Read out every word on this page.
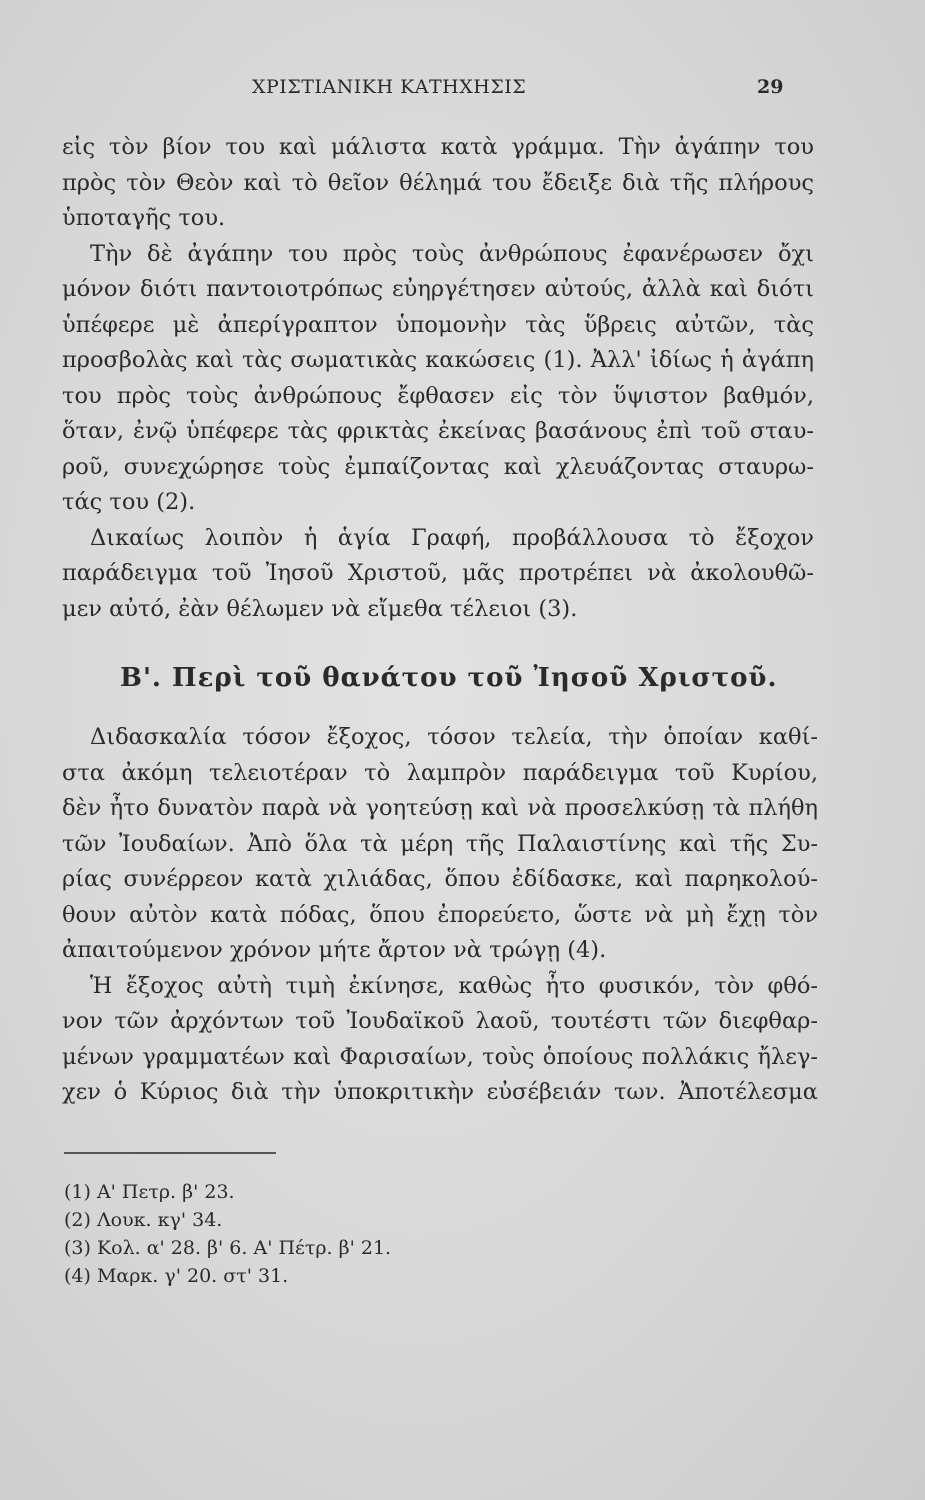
ΧΡΙΣΤΙΑΝΙΚΗ ΚΑΤΗΧΗΣΙΣ	29
εἰς τὸν βίον του καὶ μάλιστα κατὰ γράμμα. Τὴν ἀγάπην του
πρὸς τὸν Θεὸν καὶ τὸ θεῖον θέλημά του ἔδειξε διὰ τῆς πλήρους
ὑποταγῆς του.
Τὴν δὲ ἀγάπην του πρὸς τοὺς ἀνθρώπους ἐφανέρωσεν ὄχι
μόνον διότι παντοιοτρόπως εὐηργέτησεν αὐτούς, ἀλλὰ καὶ διότι
ὑπέφερε μὲ ἀπερίγραπτον ὑπομονὴν τὰς ὕβρεις αὐτῶν, τὰς
προσβολὰς καὶ τὰς σωματικὰς κακώσεις (1). Ἀλλ' ἰδίως ἡ ἀγάπη
του πρὸς τοὺς ἀνθρώπους ἔφθασεν εἰς τὸν ὕψιστον βαθμόν,
ὅταν, ἐνῷ ὑπέφερε τὰς φρικτὰς ἐκείνας βασάνους ἐπὶ τοῦ σταυ-
ροῦ, συνεχώρησε τοὺς ἐμπαίζοντας καὶ χλευάζοντας σταυρω-
τάς του (2).
Δικαίως λοιπὸν ἡ ἁγία Γραφή, προβάλλουσα τὸ ἔξοχον
παράδειγμα τοῦ Ἰησοῦ Χριστοῦ, μᾶς προτρέπει νὰ ἀκολουθῶ-
μεν αὐτό, ἐὰν θέλωμεν νὰ εἴμεθα τέλειοι (3).
Β'. Περὶ τοῦ θανάτου τοῦ Ἰησοῦ Χριστοῦ.
Διδασκαλία τόσον ἔξοχος, τόσον τελεία, τὴν ὁποίαν καθί-
στα ἀκόμη τελειοτέραν τὸ λαμπρὸν παράδειγμα τοῦ Κυρίου,
δὲν ἦτο δυνατὸν παρὰ νὰ γοητεύσῃ καὶ νὰ προσελκύσῃ τὰ πλήθη
τῶν Ἰουδαίων. Ἀπὸ ὅλα τὰ μέρη τῆς Παλαιστίνης καὶ τῆς Συ-
ρίας συνέρρεον κατὰ χιλιάδας, ὅπου ἐδίδασκε, καὶ παρηκολού-
θουν αὐτὸν κατὰ πόδας, ὅπου ἐπορεύετο, ὥστε νὰ μὴ ἔχῃ τὸν
ἀπαιτούμενον χρόνον μήτε ἄρτον νὰ τρώγῃ (4).
Ἡ ἔξοχος αὐτὴ τιμὴ ἐκίνησε, καθὼς ἦτο φυσικόν, τὸν φθό-
νον τῶν ἀρχόντων τοῦ Ἰουδαϊκοῦ λαοῦ, τουτέστι τῶν διεφθαρ-
μένων γραμματέων καὶ Φαρισαίων, τοὺς ὁποίους πολλάκις ἤλεγ-
χεν ὁ Κύριος διὰ τὴν ὑποκριτικὴν εὐσέβειάν των. Ἀποτέλεσμα
(1) Α' Πετρ. β' 23.
(2) Λουκ. κγ' 34.
(3) Κολ. α' 28. β' 6. Α' Πέτρ. β' 21.
(4) Μαρκ. γ' 20. στ' 31.
